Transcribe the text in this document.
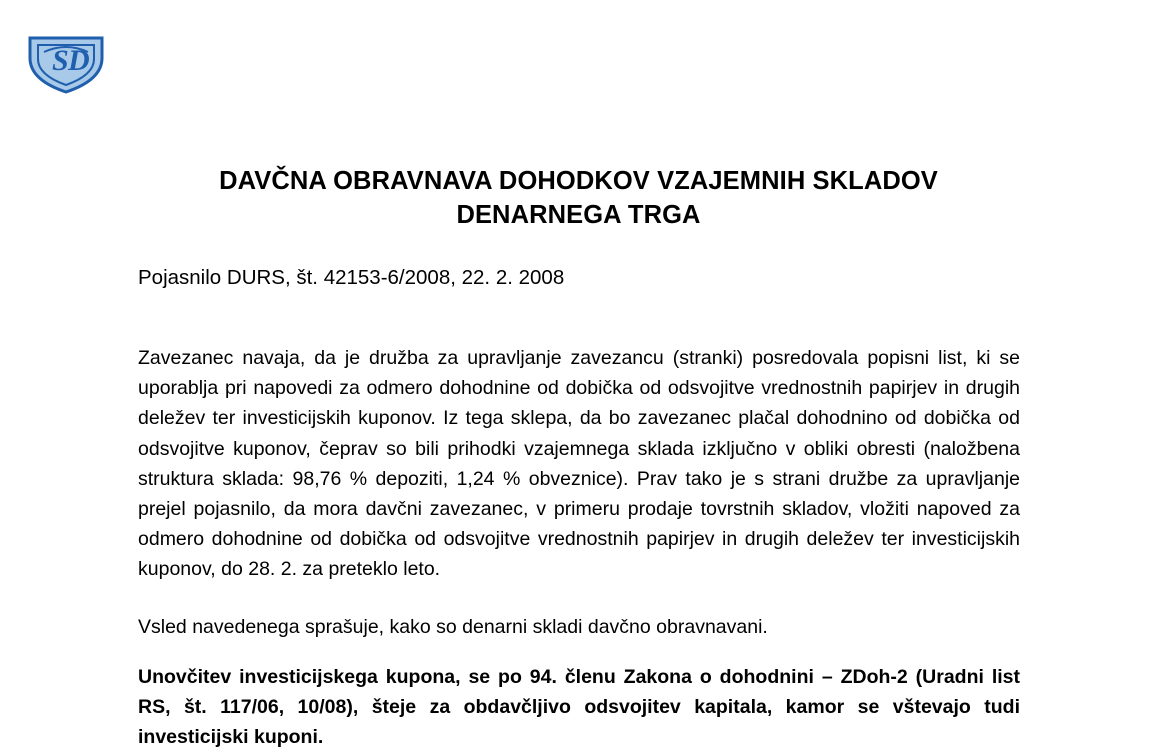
S D
DAVČNA OBRAVNAVA DOHODKOV VZAJEMNIH SKLADOV DENARNEGA TRGA
Pojasnilo DURS, št. 42153-6/2008, 22. 2. 2008
Zavezanec navaja, da je družba za upravljanje zavezancu (stranki) posredovala popisni list, ki se uporablja pri napovedi za odmero dohodnine od dobička od odsvojitve vrednostnih papirjev in drugih deležev ter investicijskih kuponov. Iz tega sklepa, da bo zavezanec plačal dohodnino od dobička od odsvojitve kuponov, čeprav so bili prihodki vzajemnega sklada izključno v obliki obresti (naložbena struktura sklada: 98,76 % depoziti, 1,24 % obveznice). Prav tako je s strani družbe za upravljanje prejel pojasnilo, da mora davčni zavezanec, v primeru prodaje tovrstnih skladov, vložiti napoved za odmero dohodnine od dobička od odsvojitve vrednostnih papirjev in drugih deležev ter investicijskih kuponov, do 28. 2. za preteklo leto.
Vsled navedenega sprašuje, kako so denarni skladi davčno obravnavani.
Unovčitev investicijskega kupona, se po 94. členu Zakona o dohodnini – ZDoh-2 (Uradni list RS, št. 117/06, 10/08), šteje za obdavčljivo odsvojitev kapitala, kamor se vštevajo tudi investicijski kuponi.
